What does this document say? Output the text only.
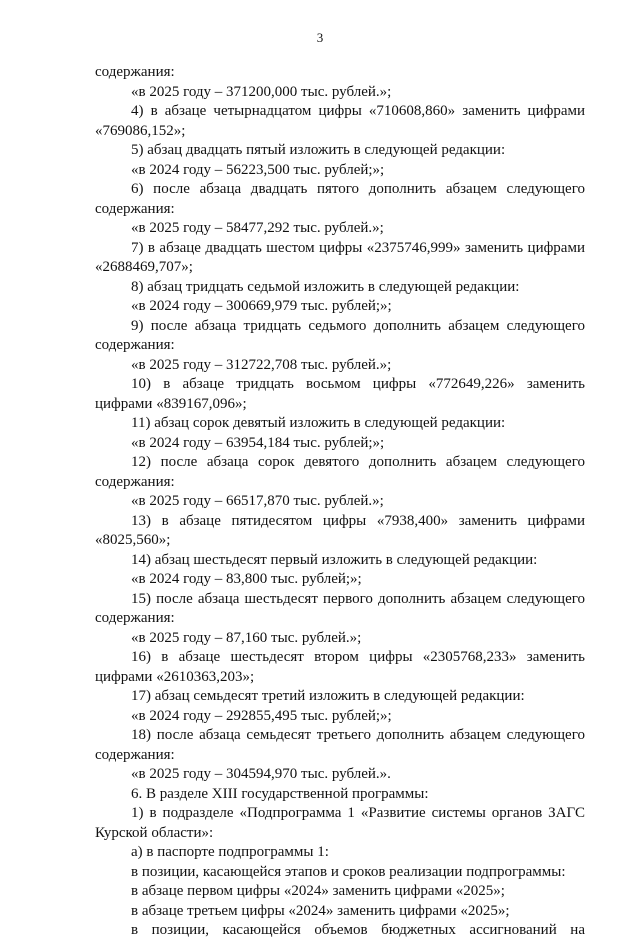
3
содержания:
«в 2025 году – 371200,000 тыс. рублей.»;
4) в абзаце четырнадцатом цифры «710608,860» заменить цифрами
«769086,152»;
5) абзац двадцать пятый изложить в следующей редакции:
«в 2024 году – 56223,500 тыс. рублей;»;
6) после абзаца двадцать пятого дополнить абзацем следующего
содержания:
«в 2025 году – 58477,292 тыс. рублей.»;
7) в абзаце двадцать шестом цифры «2375746,999» заменить цифрами
«2688469,707»;
8) абзац тридцать седьмой изложить в следующей редакции:
«в 2024 году – 300669,979 тыс. рублей;»;
9) после абзаца тридцать седьмого дополнить абзацем следующего
содержания:
«в 2025 году – 312722,708 тыс. рублей.»;
10) в абзаце тридцать восьмом цифры «772649,226» заменить
цифрами «839167,096»;
11) абзац сорок девятый изложить в следующей редакции:
«в 2024 году – 63954,184 тыс. рублей;»;
12) после абзаца сорок девятого дополнить абзацем следующего
содержания:
«в 2025 году – 66517,870 тыс. рублей.»;
13) в абзаце пятидесятом цифры «7938,400» заменить цифрами
«8025,560»;
14) абзац шестьдесят первый изложить в следующей редакции:
«в 2024 году – 83,800 тыс. рублей;»;
15) после абзаца шестьдесят первого дополнить абзацем следующего
содержания:
«в 2025 году – 87,160 тыс. рублей.»;
16) в абзаце шестьдесят втором цифры «2305768,233» заменить
цифрами «2610363,203»;
17) абзац семьдесят третий изложить в следующей редакции:
«в 2024 году – 292855,495 тыс. рублей;»;
18) после абзаца семьдесят третьего дополнить абзацем следующего
содержания:
«в 2025 году – 304594,970 тыс. рублей.».
6. В разделе XIII государственной программы:
1) в подразделе «Подпрограмма 1 «Развитие системы органов ЗАГС
Курской области»:
а) в паспорте подпрограммы 1:
в позиции, касающейся этапов и сроков реализации подпрограммы:
в абзаце первом цифры «2024» заменить цифрами «2025»;
в абзаце третьем цифры «2024» заменить цифрами «2025»;
в позиции, касающейся объемов бюджетных ассигнований на
